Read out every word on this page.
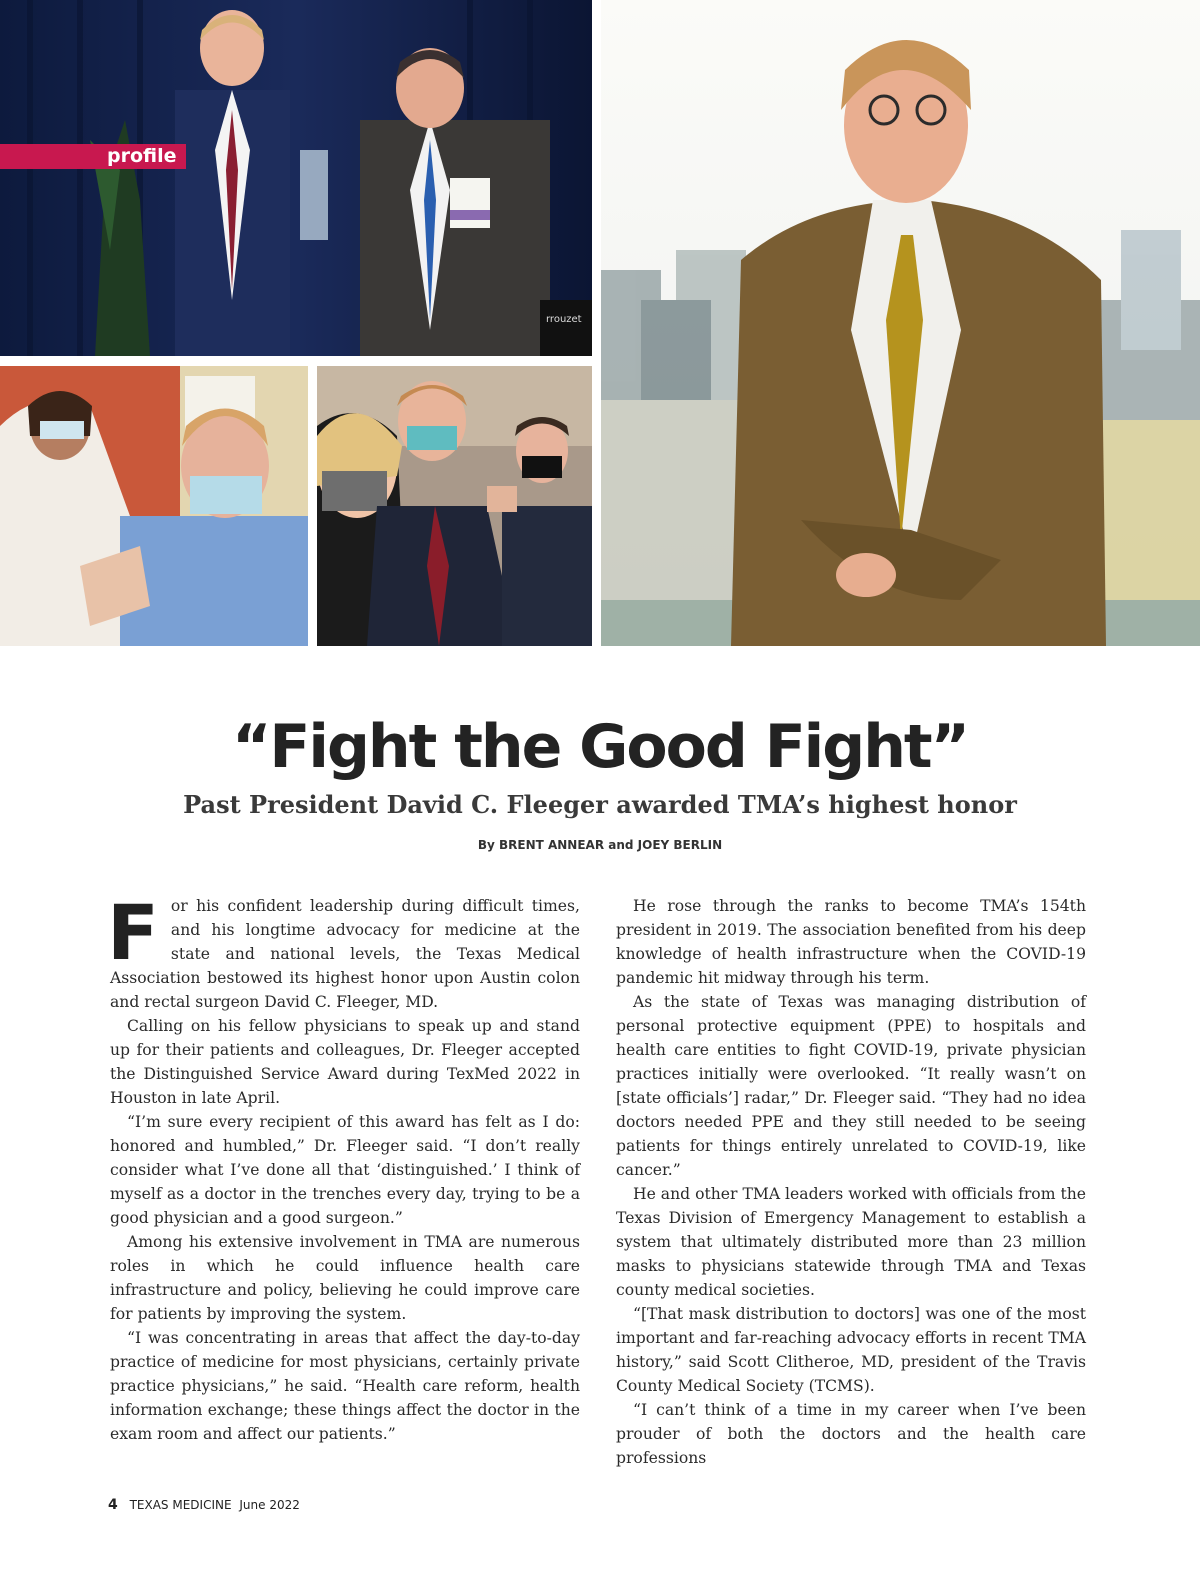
rrouzet
profile
“Fight the Good Fight”
Past President David C. Fleeger awarded TMA’s highest honor
By BRENT ANNEAR and JOEY BERLIN

For his confident leadership during difficult times, and his longtime advocacy for medicine at the state and national levels, the Texas Medical Association bestowed its highest honor upon Austin colon and rectal surgeon David C. Fleeger, MD.

Calling on his fellow physicians to speak up and stand up for their patients and colleagues, Dr. Fleeger accepted the Distinguished Service Award during TexMed 2022 in Houston in late April.

“I’m sure every recipient of this award has felt as I do: honored and humbled,” Dr. Fleeger said. “I don’t really consider what I’ve done all that ‘distinguished.’ I think of myself as a doctor in the trenches every day, trying to be a good physician and a good surgeon.”

Among his extensive involvement in TMA are numerous roles in which he could influence health care infrastructure and policy, believing he could improve care for patients by improving the system.

“I was concentrating in areas that affect the day-to-day practice of medicine for most physicians, certainly private practice physicians,” he said. “Health care reform, health information exchange; these things affect the doctor in the exam room and affect our patients.”

He rose through the ranks to become TMA’s 154th president in 2019. The association benefited from his deep knowledge of health infrastructure when the COVID-19 pandemic hit midway through his term.

As the state of Texas was managing distribution of personal protective equipment (PPE) to hospitals and health care entities to fight COVID-19, private physician practices initially were overlooked. “It really wasn’t on [state officials’] radar,” Dr. Fleeger said. “They had no idea doctors needed PPE and they still needed to be seeing patients for things entirely unrelated to COVID-19, like cancer.”

He and other TMA leaders worked with officials from the Texas Division of Emergency Management to establish a system that ultimately distributed more than 23 million masks to physicians statewide through TMA and Texas county medical societies.

“[That mask distribution to doctors] was one of the most important and far-reaching advocacy efforts in recent TMA history,” said Scott Clitheroe, MD, president of the Travis County Medical Society (TCMS).

“I can’t think of a time in my career when I’ve been prouder of both the doctors and the health care professions

4 TEXAS MEDICINE June 2022
